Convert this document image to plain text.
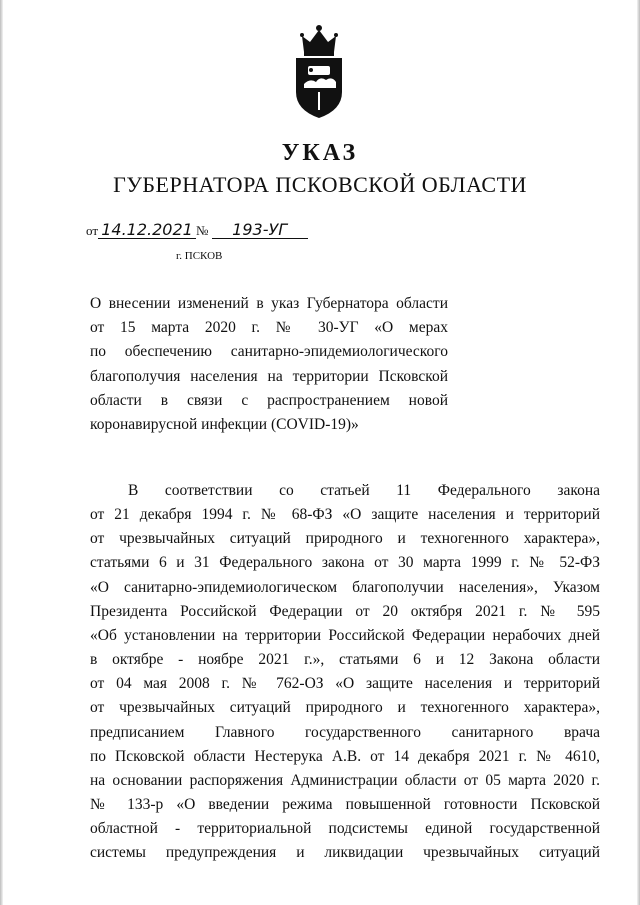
УКАЗ
ГУБЕРНАТОРА ПСКОВСКОЙ ОБЛАСТИ
от 14.12.2021 № 193-УГ
г. ПСКОВ
О внесении изменений в указ Губернатора области
от 15 марта 2020 г. № 30-УГ «О мерах
по обеспечению санитарно-эпидемиологического
благополучия населения на территории Псковской
области в связи с распространением новой
коронавирусной инфекции (COVID-19)»
В соответствии со статьей 11 Федерального закона
от 21 декабря 1994 г. № 68-ФЗ «О защите населения и территорий
от чрезвычайных ситуаций природного и техногенного характера»,
статьями 6 и 31 Федерального закона от 30 марта 1999 г. № 52-ФЗ
«О санитарно-эпидемиологическом благополучии населения», Указом
Президента Российской Федерации от 20 октября 2021 г. № 595
«Об установлении на территории Российской Федерации нерабочих дней
в октябре - ноябре 2021 г.», статьями 6 и 12 Закона области
от 04 мая 2008 г. № 762-ОЗ «О защите населения и территорий
от чрезвычайных ситуаций природного и техногенного характера»,
предписанием Главного государственного санитарного врача
по Псковской области Нестерука А.В. от 14 декабря 2021 г. № 4610,
на основании распоряжения Администрации области от 05 марта 2020 г.
№ 133-р «О введении режима повышенной готовности Псковской
областной - территориальной подсистемы единой государственной
системы предупреждения и ликвидации чрезвычайных ситуаций
